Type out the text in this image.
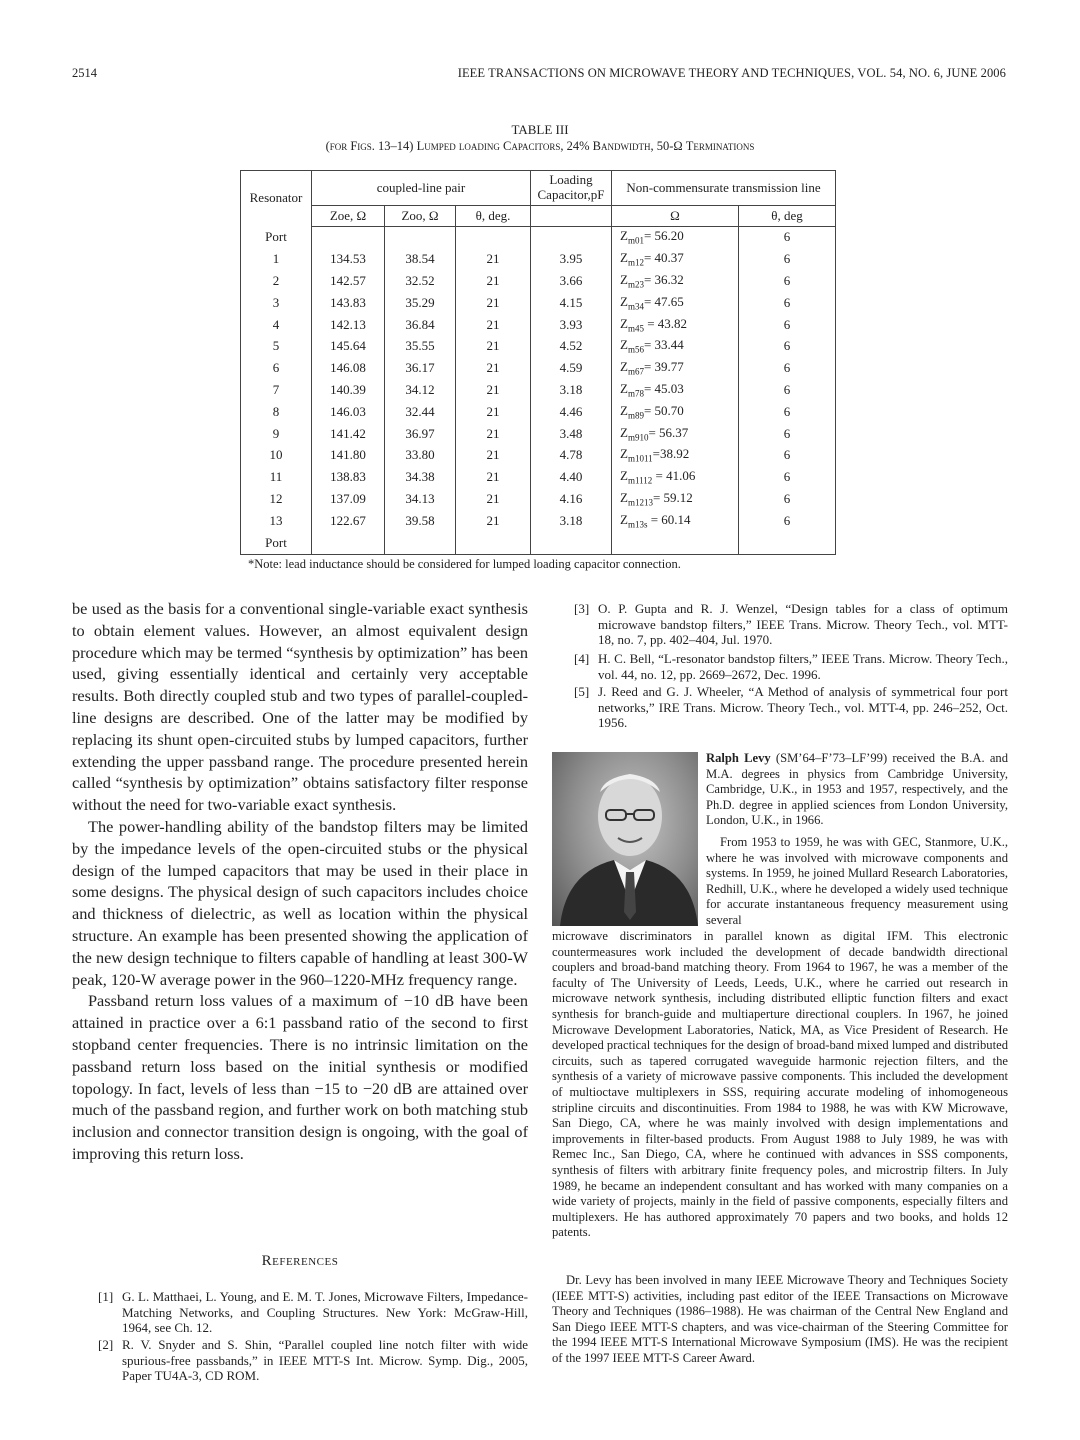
2514	IEEE TRANSACTIONS ON MICROWAVE THEORY AND TECHNIQUES, VOL. 54, NO. 6, JUNE 2006
TABLE III
(for Figs. 13–14) Lumped loading Capacitors, 24% Bandwidth, 50-Ω Terminations
Resonator	coupled-line pair			Loading Capacitor,pF	Non-commensurate transmission line	
	Zoe, Ω	Zoo, Ω	θ, deg.		Ω	θ, deg
Port					$Z_{m01}= 56.20$	6
1	134.53	38.54	21	3.95	$Z_{m12}= 40.37$	6
2	142.57	32.52	21	3.66	$Z_{m23}= 36.32$	6
3	143.83	35.29	21	4.15	$Z_{m34}= 47.65$	6
4	142.13	36.84	21	3.93	$Z_{m45} = 43.82$	6
5	145.64	35.55	21	4.52	$Z_{m56}= 33.44$	6
6	146.08	36.17	21	4.59	$Z_{m67}= 39.77$	6
7	140.39	34.12	21	3.18	$Z_{m78}= 45.03$	6
8	146.03	32.44	21	4.46	$Z_{m89}= 50.70$	6
9	141.42	36.97	21	3.48	$Z_{m910}= 56.37$	6
10	141.80	33.80	21	4.78	$Z_{m1011}=38.92$	6
11	138.83	34.38	21	4.40	$Z_{m1112} = 41.06$	6
12	137.09	34.13	21	4.16	$Z_{m1213}= 59.12$	6
13	122.67	39.58	21	3.18	$Z_{m13s} = 60.14$	6
Port						
*Note: lead inductance should be considered for lumped loading capacitor connection.

be used as the basis for a conventional single-variable exact synthesis to obtain element values. However, an almost equivalent design procedure which may be termed “synthesis by optimization” has been used, giving essentially identical and certainly very acceptable results. Both directly coupled stub and two types of parallel-coupled-line designs are described. One of the latter may be modified by replacing its shunt open-circuited stubs by lumped capacitors, further extending the upper passband range. The procedure presented herein called “synthesis by optimization” obtains satisfactory filter response without the need for two-variable exact synthesis.

The power-handling ability of the bandstop filters may be limited by the impedance levels of the open-circuited stubs or the physical design of the lumped capacitors that may be used in their place in some designs. The physical design of such capacitors includes choice and thickness of dielectric, as well as location within the physical structure. An example has been presented showing the application of the new design technique to filters capable of handling at least 300-W peak, 120-W average power in the 960–1220-MHz frequency range.

Passband return loss values of a maximum of −10 dB have been attained in practice over a 6:1 passband ratio of the second to first stopband center frequencies. There is no intrinsic limitation on the passband return loss based on the initial synthesis or modified topology. In fact, levels of less than −15 to −20 dB are attained over much of the passband region, and further work on both matching stub inclusion and connector transition design is ongoing, with the goal of improving this return loss.

References
[1] G. L. Matthaei, L. Young, and E. M. T. Jones, Microwave Filters, Impedance-Matching Networks, and Coupling Structures. New York: McGraw-Hill, 1964, see Ch. 12.
[2] R. V. Snyder and S. Shin, “Parallel coupled line notch filter with wide spurious-free passbands,” in IEEE MTT-S Int. Microw. Symp. Dig., 2005, Paper TU4A-3, CD ROM.
[3] O. P. Gupta and R. J. Wenzel, “Design tables for a class of optimum microwave bandstop filters,” IEEE Trans. Microw. Theory Tech., vol. MTT-18, no. 7, pp. 402–404, Jul. 1970.
[4] H. C. Bell, “L-resonator bandstop filters,” IEEE Trans. Microw. Theory Tech., vol. 44, no. 12, pp. 2669–2672, Dec. 1996.
[5] J. Reed and G. J. Wheeler, “A Method of analysis of symmetrical four port networks,” IRE Trans. Microw. Theory Tech., vol. MTT-4, pp. 246–252, Oct. 1956.
Ralph Levy (SM’64–F’73–LF’99) received the B.A. and M.A. degrees in physics from Cambridge University, Cambridge, U.K., in 1953 and 1957, respectively, and the Ph.D. degree in applied sciences from London University, London, U.K., in 1966.
From 1953 to 1959, he was with GEC, Stanmore, U.K., where he was involved with microwave components and systems. In 1959, he joined Mullard Research Laboratories, Redhill, U.K., where he developed a widely used technique for accurate instantaneous frequency measurement using several
microwave discriminators in parallel known as digital IFM. This electronic countermeasures work included the development of decade bandwidth directional couplers and broad-band matching theory. From 1964 to 1967, he was a member of the faculty of The University of Leeds, Leeds, U.K., where he carried out research in microwave network synthesis, including distributed elliptic function filters and exact synthesis for branch-guide and multiaperture directional couplers. In 1967, he joined Microwave Development Laboratories, Natick, MA, as Vice President of Research. He developed practical techniques for the design of broad-band mixed lumped and distributed circuits, such as tapered corrugated waveguide harmonic rejection filters, and the synthesis of a variety of microwave passive components. This included the development of multioctave multiplexers in SSS, requiring accurate modeling of inhomogeneous stripline circuits and discontinuities. From 1984 to 1988, he was with KW Microwave, San Diego, CA, where he was mainly involved with design implementations and improvements in filter-based products. From August 1988 to July 1989, he was with Remec Inc., San Diego, CA, where he continued with advances in SSS components, synthesis of filters with arbitrary finite frequency poles, and microstrip filters. In July 1989, he became an independent consultant and has worked with many companies on a wide variety of projects, mainly in the field of passive components, especially filters and multiplexers. He has authored approximately 70 papers and two books, and holds 12 patents.
Dr. Levy has been involved in many IEEE Microwave Theory and Techniques Society (IEEE MTT-S) activities, including past editor of the IEEE Transactions on Microwave Theory and Techniques (1986–1988). He was chairman of the Central New England and San Diego IEEE MTT-S chapters, and was vice-chairman of the Steering Committee for the 1994 IEEE MTT-S International Microwave Symposium (IMS). He was the recipient of the 1997 IEEE MTT-S Career Award.
